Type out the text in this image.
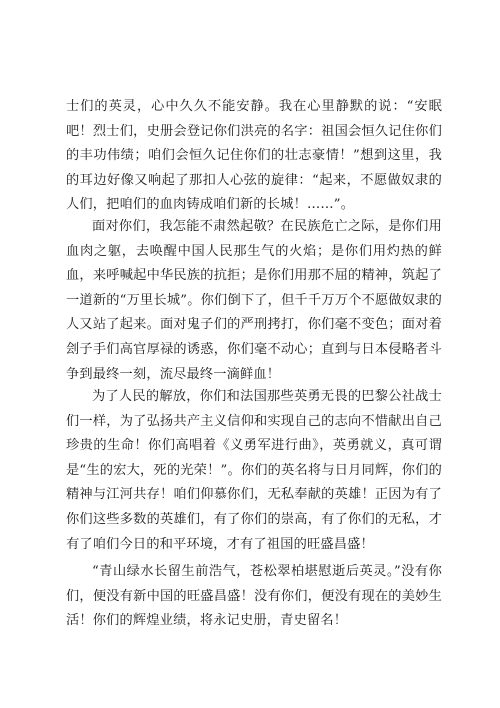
士们的英灵，心中久久不能安静。我在心里静默的说：“安眠吧！烈士们，史册会登记你们洪亮的名字：祖国会恒久记住你们的丰功伟绩；咱们会恒久记住你们的壮志豪情！”想到这里，我的耳边好像又响起了那扣人心弦的旋律：“起来，不愿做奴隶的人们，把咱们的血肉铸成咱们新的长城！……”。

面对你们，我怎能不肃然起敬？在民族危亡之际，是你们用血肉之躯，去唤醒中国人民那生气的火焰；是你们用灼热的鲜血，来呼喊起中华民族的抗拒；是你们用那不屈的精神，筑起了一道新的“万里长城”。你们倒下了，但千千万万个不愿做奴隶的人又站了起来。面对鬼子们的严刑拷打，你们毫不变色；面对着刽子手们高官厚禄的诱惑，你们毫不动心；直到与日本侵略者斗争到最终一刻，流尽最终一滴鲜血！

为了人民的解放，你们和法国那些英勇无畏的巴黎公社战士们一样，为了弘扬共产主义信仰和实现自己的志向不惜献出自己珍贵的生命！你们高唱着《义勇军进行曲》，英勇就义，真可谓是“生的宏大，死的光荣！”。你们的英名将与日月同辉，你们的精神与江河共存！咱们仰慕你们，无私奉献的英雄！正因为有了你们这些多数的英雄们，有了你们的崇高，有了你们的无私，才有了咱们今日的和平环境，才有了祖国的旺盛昌盛！

“青山绿水长留生前浩气，苍松翠柏堪慰逝后英灵。”没有你们，便没有新中国的旺盛昌盛！没有你们，便没有现在的美妙生活！你们的辉煌业绩，将永记史册，青史留名！
